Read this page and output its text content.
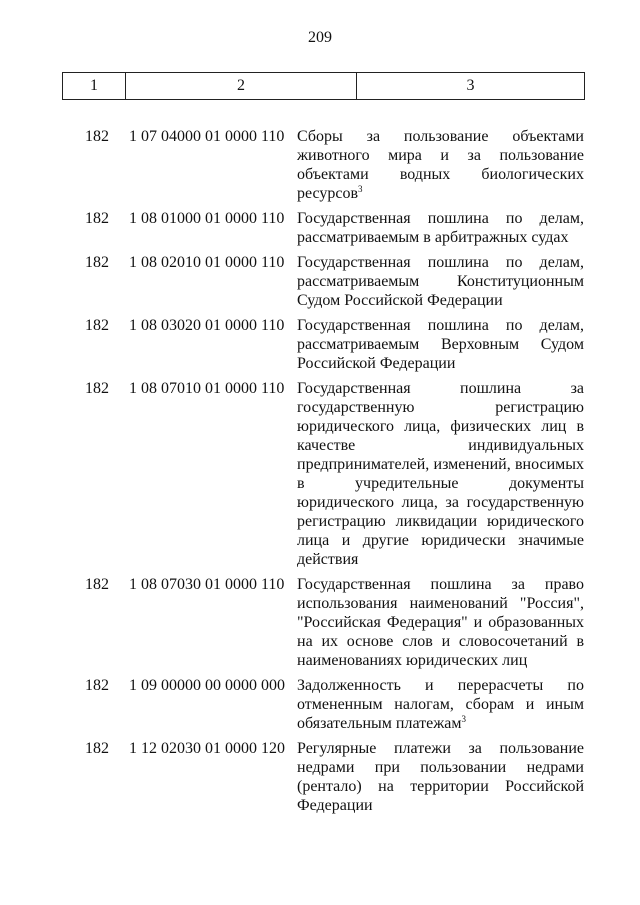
209
1	2	3
182	1 07 04000 01 0000 110 Сборы за пользование объектами животного мира и за пользование объектами водных биологических ресурсов$^3$
182	1 08 01000 01 0000 110 Государственная пошлина по делам, рассматриваемым в арбитражных судах
182	1 08 02010 01 0000 110 Государственная пошлина по делам, рассматриваемым Конституционным Судом Российской Федерации
182	1 08 03020 01 0000 110 Государственная пошлина по делам, рассматриваемым Верховным Судом Российской Федерации
182	1 08 07010 01 0000 110 Государственная пошлина за государственную регистрацию юридического лица, физических лиц в качестве индивидуальных предпринимателей, изменений, вносимых в учредительные документы юридического лица, за государственную регистрацию ликвидации юридического лица и другие юридически значимые действия
182	1 08 07030 01 0000 110 Государственная пошлина за право использования наименований "Россия", "Российская Федерация" и образованных на их основе слов и словосочетаний в наименованиях юридических лиц
182	1 09 00000 00 0000 000 Задолженность и перерасчеты по отмененным налогам, сборам и иным обязательным платежам$^3$
182	1 12 02030 01 0000 120 Регулярные платежи за пользование недрами при пользовании недрами (рентало) на территории Российской Федерации
